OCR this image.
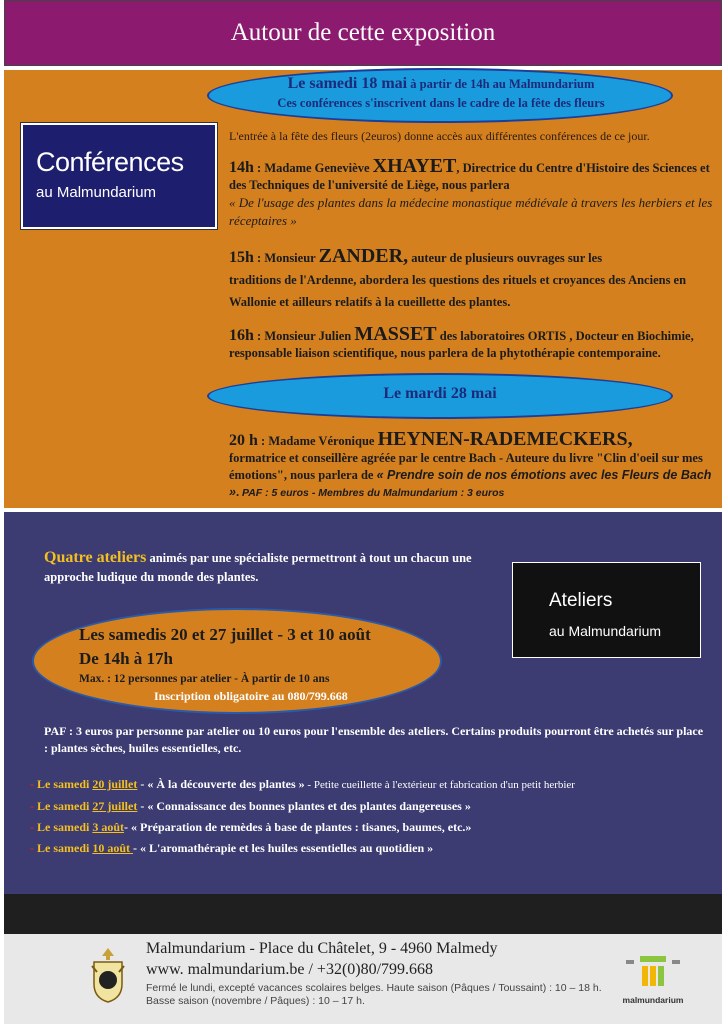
Autour de cette exposition
Le samedi 18 mai à partir de 14h au Malmundarium
Ces conférences s'inscrivent dans le cadre de la fête des fleurs
Conférences
au Malmundarium
L'entrée à la fête des fleurs (2euros) donne accès aux différentes conférences de ce jour.
14h : Madame Geneviève XHAYET, Directrice du Centre d'Histoire des Sciences et des Techniques de l'université de Liège, nous parlera
« De l'usage des plantes dans la médecine monastique médiévale à travers les herbiers et les réceptaires »
15h : Monsieur ZANDER, auteur de plusieurs ouvrages sur les
traditions de l'Ardenne, abordera les questions des rituels et croyances des Anciens en Wallonie et ailleurs relatifs à la cueillette des plantes.
16h : Monsieur Julien MASSET des laboratoires ORTIS , Docteur en Biochimie, responsable liaison scientifique, nous parlera de la phytothérapie contemporaine.
Le mardi 28 mai
20 h : Madame Véronique HEYNEN-RADEMECKERS,
formatrice et conseillère agréée par le centre Bach - Auteure du livre "Clin d'oeil sur mes émotions", nous parlera de « Prendre soin de nos émotions avec les Fleurs de Bach ». PAF : 5 euros - Membres du Malmundarium : 3 euros
Quatre ateliers animés par une spécialiste permettront à tout un chacun une approche ludique du monde des plantes.
Ateliers
au Malmundarium
Les samedis 20 et 27 juillet - 3 et 10 août
De 14h à 17h
Max. : 12 personnes par atelier - À partir de 10 ans
Inscription obligatoire au 080/799.668
PAF : 3 euros par personne par atelier ou 10 euros pour l'ensemble des ateliers. Certains produits pourront être achetés sur place : plantes sèches, huiles essentielles, etc.
- Le samedi 20 juillet - « À la découverte des plantes » - Petite cueillette à l'extérieur et fabrication d'un petit herbier
- Le samedi 27 juillet - « Connaissance des bonnes plantes et des plantes dangereuses »
- Le samedi 3 août- « Préparation de remèdes à base de plantes : tisanes, baumes, etc.»
- Le samedi 10 août - « L'aromathérapie et les huiles essentielles au quotidien »
Malmundarium - Place du Châtelet, 9 - 4960 Malmedy
www. malmundarium.be / +32(0)80/799.668
Fermé le lundi, excepté vacances scolaires belges. Haute saison (Pâques / Toussaint) : 10 – 18 h.
Basse saison (novembre / Pâques) : 10 – 17 h.	malmundarium
